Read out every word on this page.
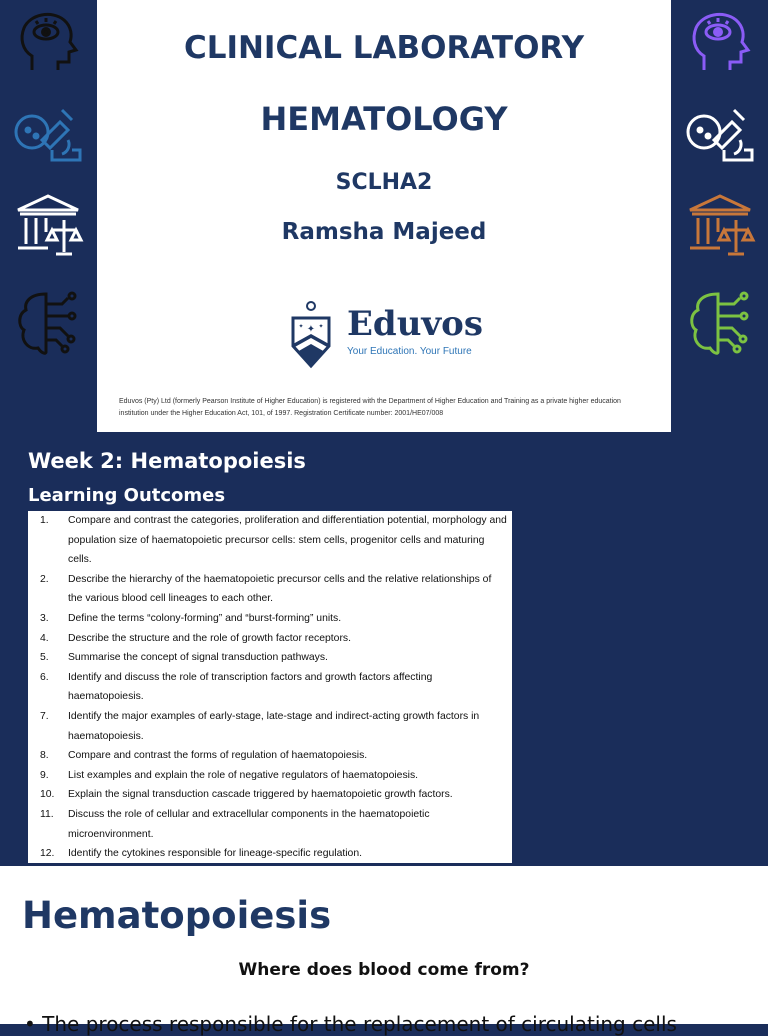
CLINICAL LABORATORY
HEMATOLOGY
SCLHA2
Ramsha Majeed
✦
✦ ✦ Eduvos
Your Education. Your Future
Eduvos (Pty) Ltd (formerly Pearson Institute of Higher Education) is registered with the Department of Higher Education and Training as a private higher education institution under the Higher Education Act, 101, of 1997. Registration Certificate number: 2001/HE07/008
Week 2: Hematopoiesis
Learning Outcomes
1. Compare and contrast the categories, proliferation and differentiation potential, morphology and population size of haematopoietic precursor cells: stem cells, progenitor cells and maturing cells.
2. Describe the hierarchy of the haematopoietic precursor cells and the relative relationships of the various blood cell lineages to each other.
3. Define the terms “colony-forming” and “burst-forming” units.
4. Describe the structure and the role of growth factor receptors.
5. Summarise the concept of signal transduction pathways.
6. Identify and discuss the role of transcription factors and growth factors affecting haematopoiesis.
7. Identify the major examples of early-stage, late-stage and indirect-acting growth factors in haematopoiesis.
8. Compare and contrast the forms of regulation of haematopoiesis.
9. List examples and explain the role of negative regulators of haematopoiesis.
10. Explain the signal transduction cascade triggered by haematopoietic growth factors.
11. Discuss the role of cellular and extracellular components in the haematopoietic microenvironment.
12. Identify the cytokines responsible for lineage-specific regulation.
Hematopoiesis
Where does blood come from?
• The process responsible for the replacement of circulating cells
